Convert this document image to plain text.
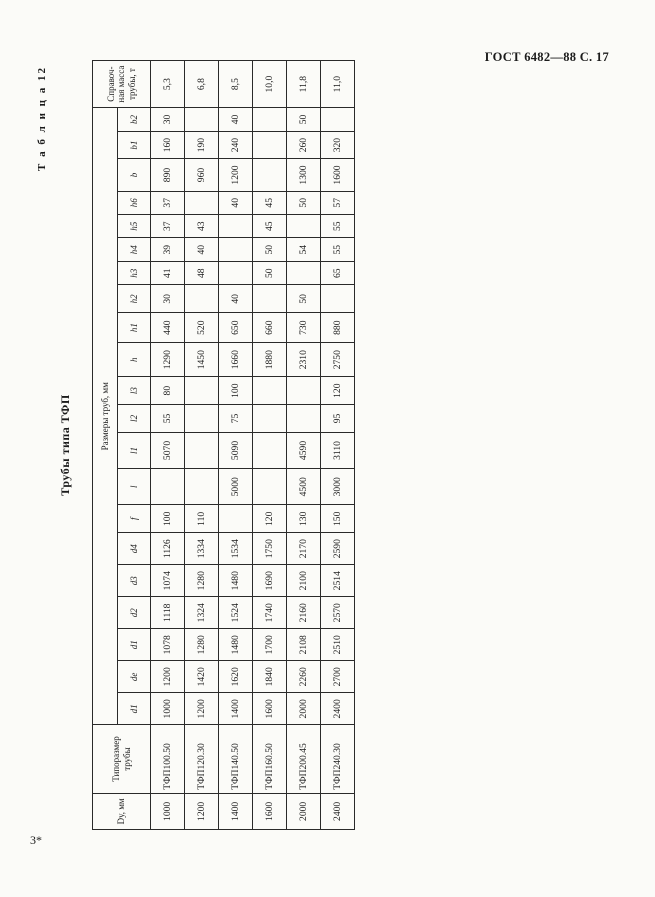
ГОСТ 6482—88 С. 17
3*
Т а б л и ц а 12
Трубы типа ТФП
Dу, мм	Типоразмер трубы	Размеры труб, мм																					Справоч-ная масса трубы, т
		d1	de	d1	d2	d3	d4	f	l	l1	l2	l3	h	h1	h2	h3	h4	h5	h6	b	b1	b2	
1000	ТФП100.50	1000	1200	1078	1118	1074	1126	100		5070	55	80	1290	440	30	41	39	37	37	890	160	30	5,3
1200	ТФП120.30	1200	1420	1280	1324	1280	1334	110					1450	520		48	40	43		960	190		6,8
1400	ТФП140.50	1400	1620	1480	1524	1480	1534		5000	5090	75	100	1660	650	40				40	1200	240	40	8,5
1600	ТФП160.50	1600	1840	1700	1740	1690	1750	120					1880	660		50	50	45	45				10,0
2000	ТФП200.45	2000	2260	2108	2160	2100	2170	130	4500	4590			2310	730	50		54		50	1300	260	50	11,8
2400	ТФП240.30	2400	2700	2510	2570	2514	2590	150	3000	3110	95	120	2750	880		65	55	55	57	1600	320		11,0
